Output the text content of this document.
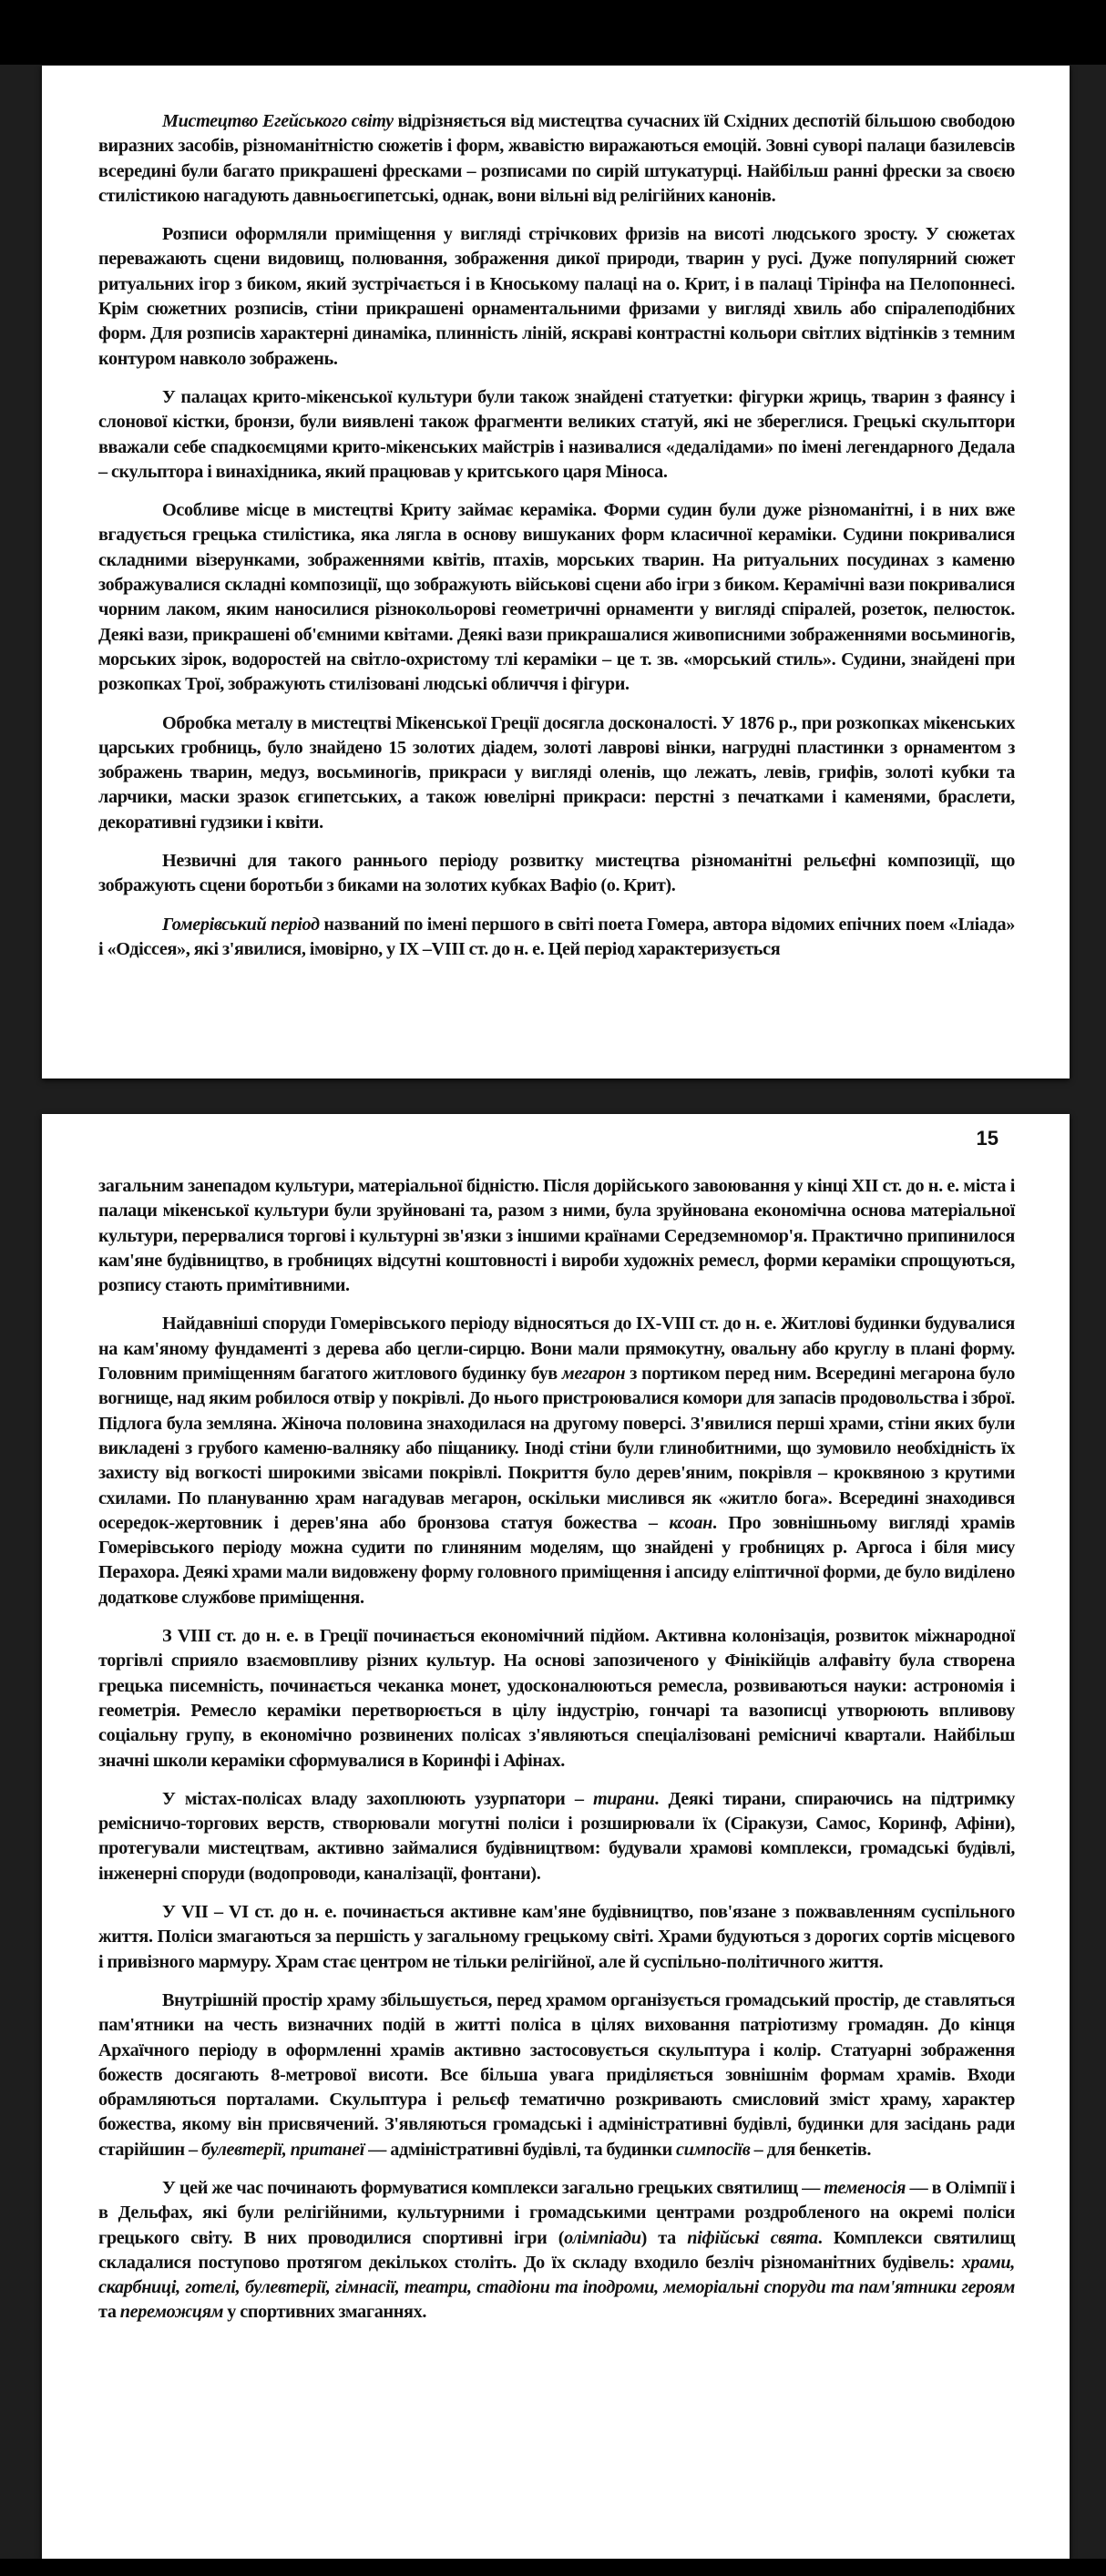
Мистецтво Егейського світу відрізняється від мистецтва сучасних їй Східних деспотій більшою свободою виразних засобів, різноманітністю сюжетів і форм, жвавістю виражаються емоцій. Зовні суворі палаци базилевсів всередині були багато прикрашені фресками – розписами по сирій штукатурці. Найбільш ранні фрески за своєю стилістикою нагадують давньоєгипетські, однак, вони вільні від релігійних канонів.

Розписи оформляли приміщення у вигляді стрічкових фризів на висоті людського зросту. У сюжетах переважають сцени видовищ, полювання, зображення дикої природи, тварин у русі. Дуже популярний сюжет ритуальних ігор з биком, який зустрічається і в Кноському палаці на о. Крит, і в палаці Тірінфа на Пелопоннесі. Крім сюжетних розписів, стіни прикрашені орнаментальними фризами у вигляді хвиль або спіралеподібних форм. Для розписів характерні динаміка, плинність ліній, яскраві контрастні кольори світлих відтінків з темним контуром навколо зображень.

У палацах крито-мікенської культури були також знайдені статуетки: фігурки жриць, тварин з фаянсу і слонової кістки, бронзи, були виявлені також фрагменти великих статуй, які не збереглися. Грецькі скульптори вважали себе спадкоємцями крито-мікенських майстрів і називалися «дедалідами» по імені легендарного Дедала – скульптора і винахідника, який працював у критського царя Міноса.

Особливе місце в мистецтві Криту займає кераміка. Форми судин були дуже різноманітні, і в них вже вгадується грецька стилістика, яка лягла в основу вишуканих форм класичної кераміки. Судини покривалися складними візерунками, зображеннями квітів, птахів, морських тварин. На ритуальних посудинах з каменю зображувалися складні композиції, що зображують військові сцени або ігри з биком. Керамічні вази покривалися чорним лаком, яким наносилися різнокольорові геометричні орнаменти у вигляді спіралей, розеток, пелюсток. Деякі вази, прикрашені об'ємними квітами. Деякі вази прикрашалися живописними зображеннями восьминогів, морських зірок, водоростей на світло-охристому тлі кераміки – це т. зв. «морський стиль». Судини, знайдені при розкопках Трої, зображують стилізовані людські обличчя і фігури.

Обробка металу в мистецтві Мікенської Греції досягла досконалості. У 1876 р., при розкопках мікенських царських гробниць, було знайдено 15 золотих діадем, золоті лаврові вінки, нагрудні пластинки з орнаментом з зображень тварин, медуз, восьминогів, прикраси у вигляді оленів, що лежать, левів, грифів, золоті кубки та ларчики, маски зразок єгипетських, а також ювелірні прикраси: перстні з печатками і каменями, браслети, декоративні гудзики і квіти.

Незвичні для такого раннього періоду розвитку мистецтва різноманітні рельєфні композиції, що зображують сцени боротьби з биками на золотих кубках Вафіо (о. Крит).

Гомерівський період названий по імені першого в світі поета Гомера, автора відомих епічних поем «Іліада» і «Одіссея», які з'явилися, імовірно, у IX –VIII ст. до н. е. Цей період характеризується

15

загальним занепадом культури, матеріальної бідністю. Після дорійського завоювання у кінці XII ст. до н. е. міста і палаци мікенської культури були зруйновані та, разом з ними, була зруйнована економічна основа матеріальної культури, перервалися торгові і культурні зв'язки з іншими країнами Середземномор'я. Практично припинилося кам'яне будівництво, в гробницях відсутні коштовності і вироби художніх ремесл, форми кераміки спрощуються, розпису стають примітивними.

Найдавніші споруди Гомерівського періоду відносяться до IX-VIII ст. до н. е. Житлові будинки будувалися на кам'яному фундаменті з дерева або цегли-сирцю. Вони мали прямокутну, овальну або круглу в плані форму. Головним приміщенням багатого житлового будинку був мегарон з портиком перед ним. Всередині мегарона було вогнище, над яким робилося отвір у покрівлі. До нього пристроювалися комори для запасів продовольства і зброї. Підлога була земляна. Жіноча половина знаходилася на другому поверсі. З'явилися перші храми, стіни яких були викладені з грубого каменю-валняку або піщанику. Іноді стіни були глинобитними, що зумовило необхідність їх захисту від вогкості широкими звісами покрівлі. Покриття було дерев'яним, покрівля – кроквяною з крутими схилами. По плануванню храм нагадував мегарон, оскільки мислився як «житло бога». Всередині знаходився осередок-жертовник і дерев'яна або бронзова статуя божества – ксоан. Про зовнішньому вигляді храмів Гомерівського періоду можна судити по глиняним моделям, що знайдені у гробницях р. Аргоса і біля мису Перахора. Деякі храми мали видовжену форму головного приміщення і апсиду еліптичної форми, де було виділено додаткове службове приміщення.

З VIII ст. до н. е. в Греції починається економічний підйом. Активна колонізація, розвиток міжнародної торгівлі сприяло взаємовпливу різних культур. На основі запозиченого у Фінікійців алфавіту була створена грецька писемність, починається чеканка монет, удосконалюються ремесла, розвиваються науки: астрономія і геометрія. Ремесло кераміки перетворюється в цілу індустрію, гончарі та вазописці утворюють впливову соціальну групу, в економічно розвинених полісах з'являються спеціалізовані ремісничі квартали. Найбільш значні школи кераміки сформувалися в Коринфі і Афінах.

У містах-полісах владу захоплюють узурпатори – тирани. Деякі тирани, спираючись на підтримку ремісничо-торгових верств, створювали могутні поліси і розширювали їх (Сіракузи, Самос, Коринф, Афіни), протегували мистецтвам, активно займалися будівництвом: будували храмові комплекси, громадські будівлі, інженерні споруди (водопроводи, каналізації, фонтани).

У VII – VI ст. до н. е. починається активне кам'яне будівництво, пов'язане з пожвавленням суспільного життя. Поліси змагаються за першість у загальному грецькому світі. Храми будуються з дорогих сортів місцевого і привізного мармуру. Храм стає центром не тільки релігійної, але й суспільно-політичного життя.

Внутрішній простір храму збільшується, перед храмом організується громадський простір, де ставляться пам'ятники на честь визначних подій в житті поліса в цілях виховання патріотизму громадян. До кінця Архаїчного періоду в оформленні храмів активно застосовується скульптура і колір. Статуарні зображення божеств досягають 8-метрової висоти. Все більша увага приділяється зовнішнім формам храмів. Входи обрамляються порталами. Скульптура і рельєф тематично розкривають смисловий зміст храму, характер божества, якому він присвячений. З'являються громадські і адміністративні будівлі, будинки для засідань ради старійшин – булевтерії, пританеї — адміністративні будівлі, та будинки симпосіїв – для бенкетів.

У цей же час починають формуватися комплекси загально грецьких святилищ — теменосія — в Олімпії і в Дельфах, які були релігійними, культурними і громадськими центрами роздробленого на окремі поліси грецького світу. В них проводилися спортивні ігри (олімпіади) та піфійські свята. Комплекси святилищ складалися поступово протягом декількох століть. До їх складу входило безліч різноманітних будівель: храми, скарбниці, готелі, булевтерії, гімнасії, театри, стадіони та іподроми, меморіальні споруди та пам'ятники героям та переможцям у спортивних змаганнях.
